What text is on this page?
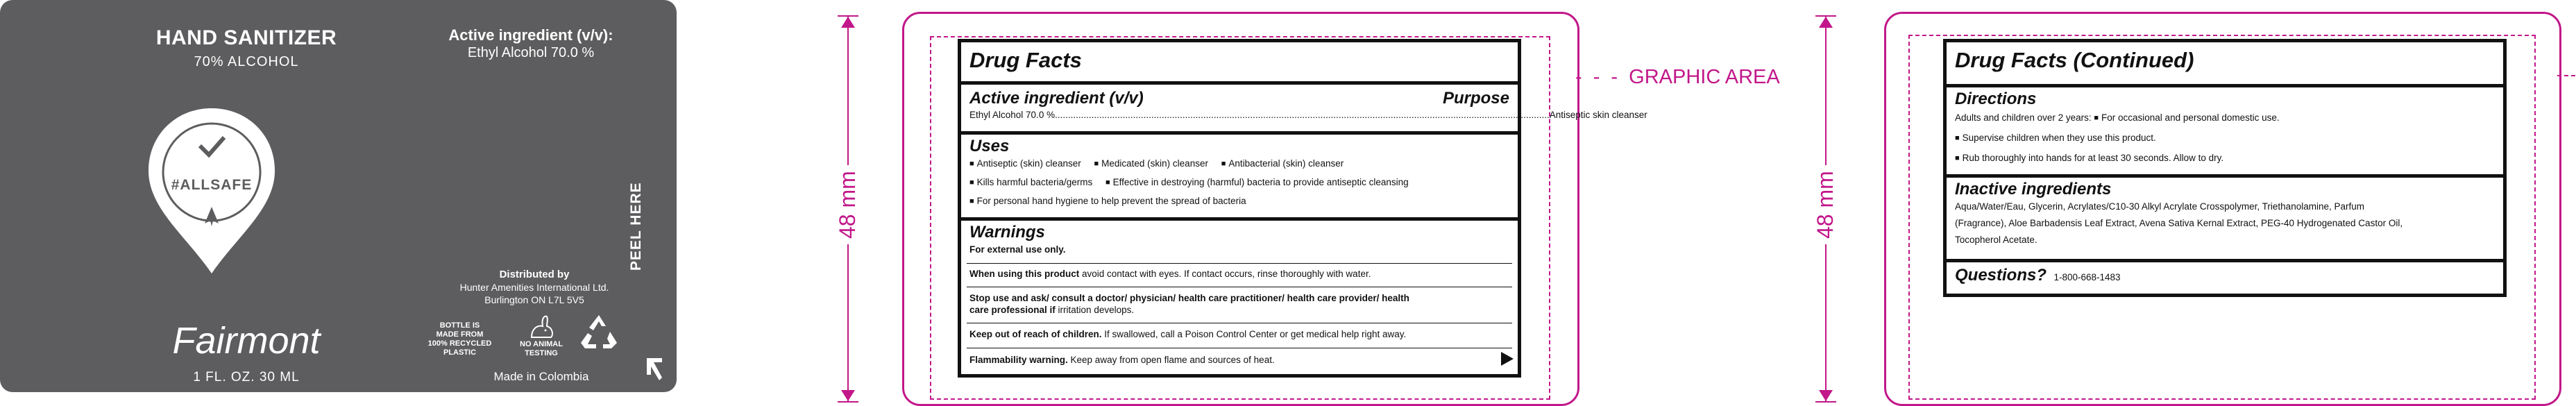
HAND SANITIZER
70% ALCOHOL
Active ingredient (v/v):
Ethyl Alcohol 70.0 %
#ALLSAFE
Fairmont
1 FL. OZ. 30 ML
Distributed by
Hunter Amenities International Ltd.
Burlington ON L7L 5V5
BOTTLE IS
MADE FROM
100% RECYCLED
PLASTIC
NO ANIMAL
TESTING
Made in Colombia
PEEL HERE	48 mm
- - - GRAPHIC AREA
Drug Facts
Active ingredient (v/v)	Purpose
Ethyl Alcohol 70.0 % .............................................................................................................................................................................................. Antiseptic skin cleanser
Uses
■ Antiseptic (skin) cleanser ■ Medicated (skin) cleanser ■ Antibacterial (skin) cleanser
■ Kills harmful bacteria/germs ■ Effective in destroying (harmful) bacteria to provide antiseptic cleansing
■ For personal hand hygiene to help prevent the spread of bacteria
Warnings
For external use only.
When using this product avoid contact with eyes. If contact occurs, rinse thoroughly with water.
Stop use and ask/ consult a doctor/ physician/ health care practitioner/ health care provider/ health
care professional if irritation develops.
Keep out of reach of children. If swallowed, call a Poison Control Center or get medical help right away.
Flammability warning. Keep away from open flame and sources of heat.
48 mm
Drug Facts (Continued)
Directions
Adults and children over 2 years: ■ For occasional and personal domestic use.
■ Supervise children when they use this product.
■ Rub thoroughly into hands for at least 30 seconds. Allow to dry.
Inactive ingredients
Aqua/Water/Eau, Glycerin, Acrylates/C10-30 Alkyl Acrylate Crosspolymer, Triethanolamine, Parfum
(Fragrance), Aloe Barbadensis Leaf Extract, Avena Sativa Kernal Extract, PEG-40 Hydrogenated Castor Oil,
Tocopherol Acetate.
Questions? 1-800-668-1483
